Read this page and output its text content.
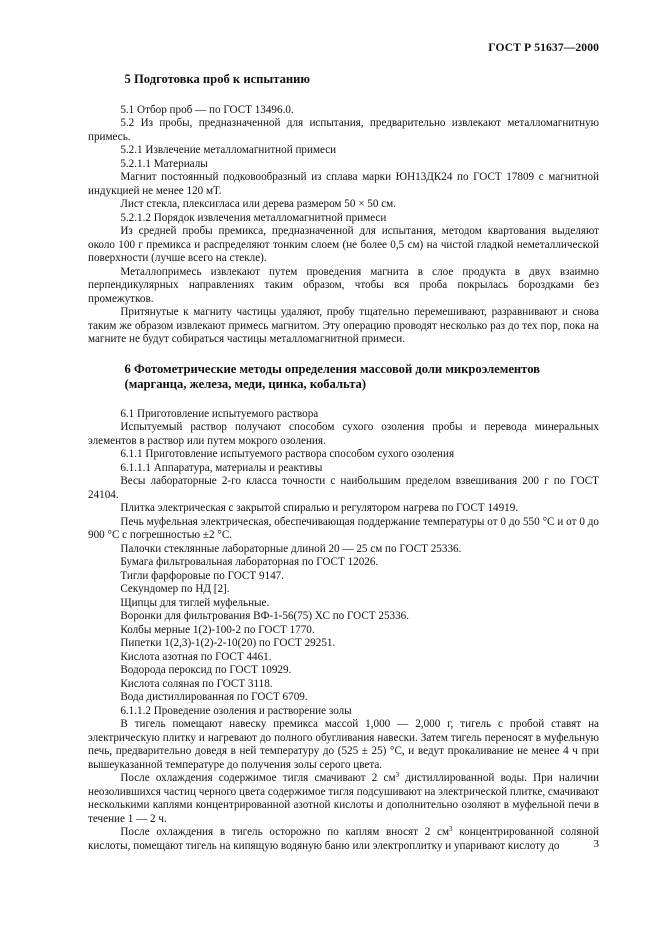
ГОСТ Р 51637—2000
5 Подготовка проб к испытанию

5.1 Отбор проб — по ГОСТ 13496.0.

5.2 Из пробы, предназначенной для испытания, предварительно извлекают металломагнитную примесь.

5.2.1 Извлечение металломагнитной примеси

5.2.1.1 Материалы

Магнит постоянный подковообразный из сплава марки ЮН13ДК24 по ГОСТ 17809 с магнитной индукцией не менее 120 мТ.

Лист стекла, плексигласа или дерева размером 50 × 50 см.

5.2.1.2 Порядок извлечения металломагнитной примеси

Из средней пробы премикса, предназначенной для испытания, методом квартования выделяют около 100 г премикса и распределяют тонким слоем (не более 0,5 см) на чистой гладкой неметаллической поверхности (лучше всего на стекле).

Металлопримесь извлекают путем проведения магнита в слое продукта в двух взаимно перпендикулярных направлениях таким образом, чтобы вся проба покрылась бороздками без промежутков.

Притянутые к магниту частицы удаляют, пробу тщательно перемешивают, разравнивают и снова таким же образом извлекают примесь магнитом. Эту операцию проводят несколько раз до тех пор, пока на магните не будут собираться частицы металломагнитной примеси.

6 Фотометрические методы определения массовой доли микроэлементов (марганца, железа, меди, цинка, кобальта)

6.1 Приготовление испытуемого раствора

Испытуемый раствор получают способом сухого озоления пробы и перевода минеральных элементов в раствор или путем мокрого озоления.

6.1.1 Приготовление испытуемого раствора способом сухого озоления

6.1.1.1 Аппаратура, материалы и реактивы

Весы лабораторные 2-го класса точности с наибольшим пределом взвешивания 200 г по ГОСТ 24104.

Плитка электрическая с закрытой спиралью и регулятором нагрева по ГОСТ 14919.

Печь муфельная электрическая, обеспечивающая поддержание температуры от 0 до 550 °С и от 0 до 900 °С с погрешностью ±2 °С.

Палочки стеклянные лабораторные длиной 20 — 25 см по ГОСТ 25336.

Бумага фильтровальная лабораторная по ГОСТ 12026.

Тигли фарфоровые по ГОСТ 9147.

Секундомер по НД [2].

Щипцы для тиглей муфельные.

Воронки для фильтрования ВФ-1-56(75) ХС по ГОСТ 25336.

Колбы мерные 1(2)-100-2 по ГОСТ 1770.

Пипетки 1(2,3)-1(2)-2-10(20) по ГОСТ 29251.

Кислота азотная по ГОСТ 4461.

Водорода пероксид по ГОСТ 10929.

Кислота соляная по ГОСТ 3118.

Вода дистиллированная по ГОСТ 6709.

6.1.1.2 Проведение озоления и растворение золы

В тигель помещают навеску премикса массой 1,000 — 2,000 г, тигель с пробой ставят на электрическую плитку и нагревают до полного обугливания навески. Затем тигель переносят в муфельную печь, предварительно доведя в ней температуру до (525 ± 25) °С, и ведут прокаливание не менее 4 ч при вышеуказанной температуре до получения золы серого цвета.

После охлаждения содержимое тигля смачивают 2 $см^3$ дистиллированной воды. При наличии неозолившихся частиц черного цвета содержимое тигля подсушивают на электрической плитке, смачивают несколькими каплями концентрированной азотной кислоты и дополнительно озоляют в муфельной печи в течение 1 — 2 ч.

После охлаждения в тигель осторожно по каплям вносят 2 $см^3$ концентрированной соляной кислоты, помещают тигель на кипящую водяную баню или электроплитку и упаривают кислоту до	3
